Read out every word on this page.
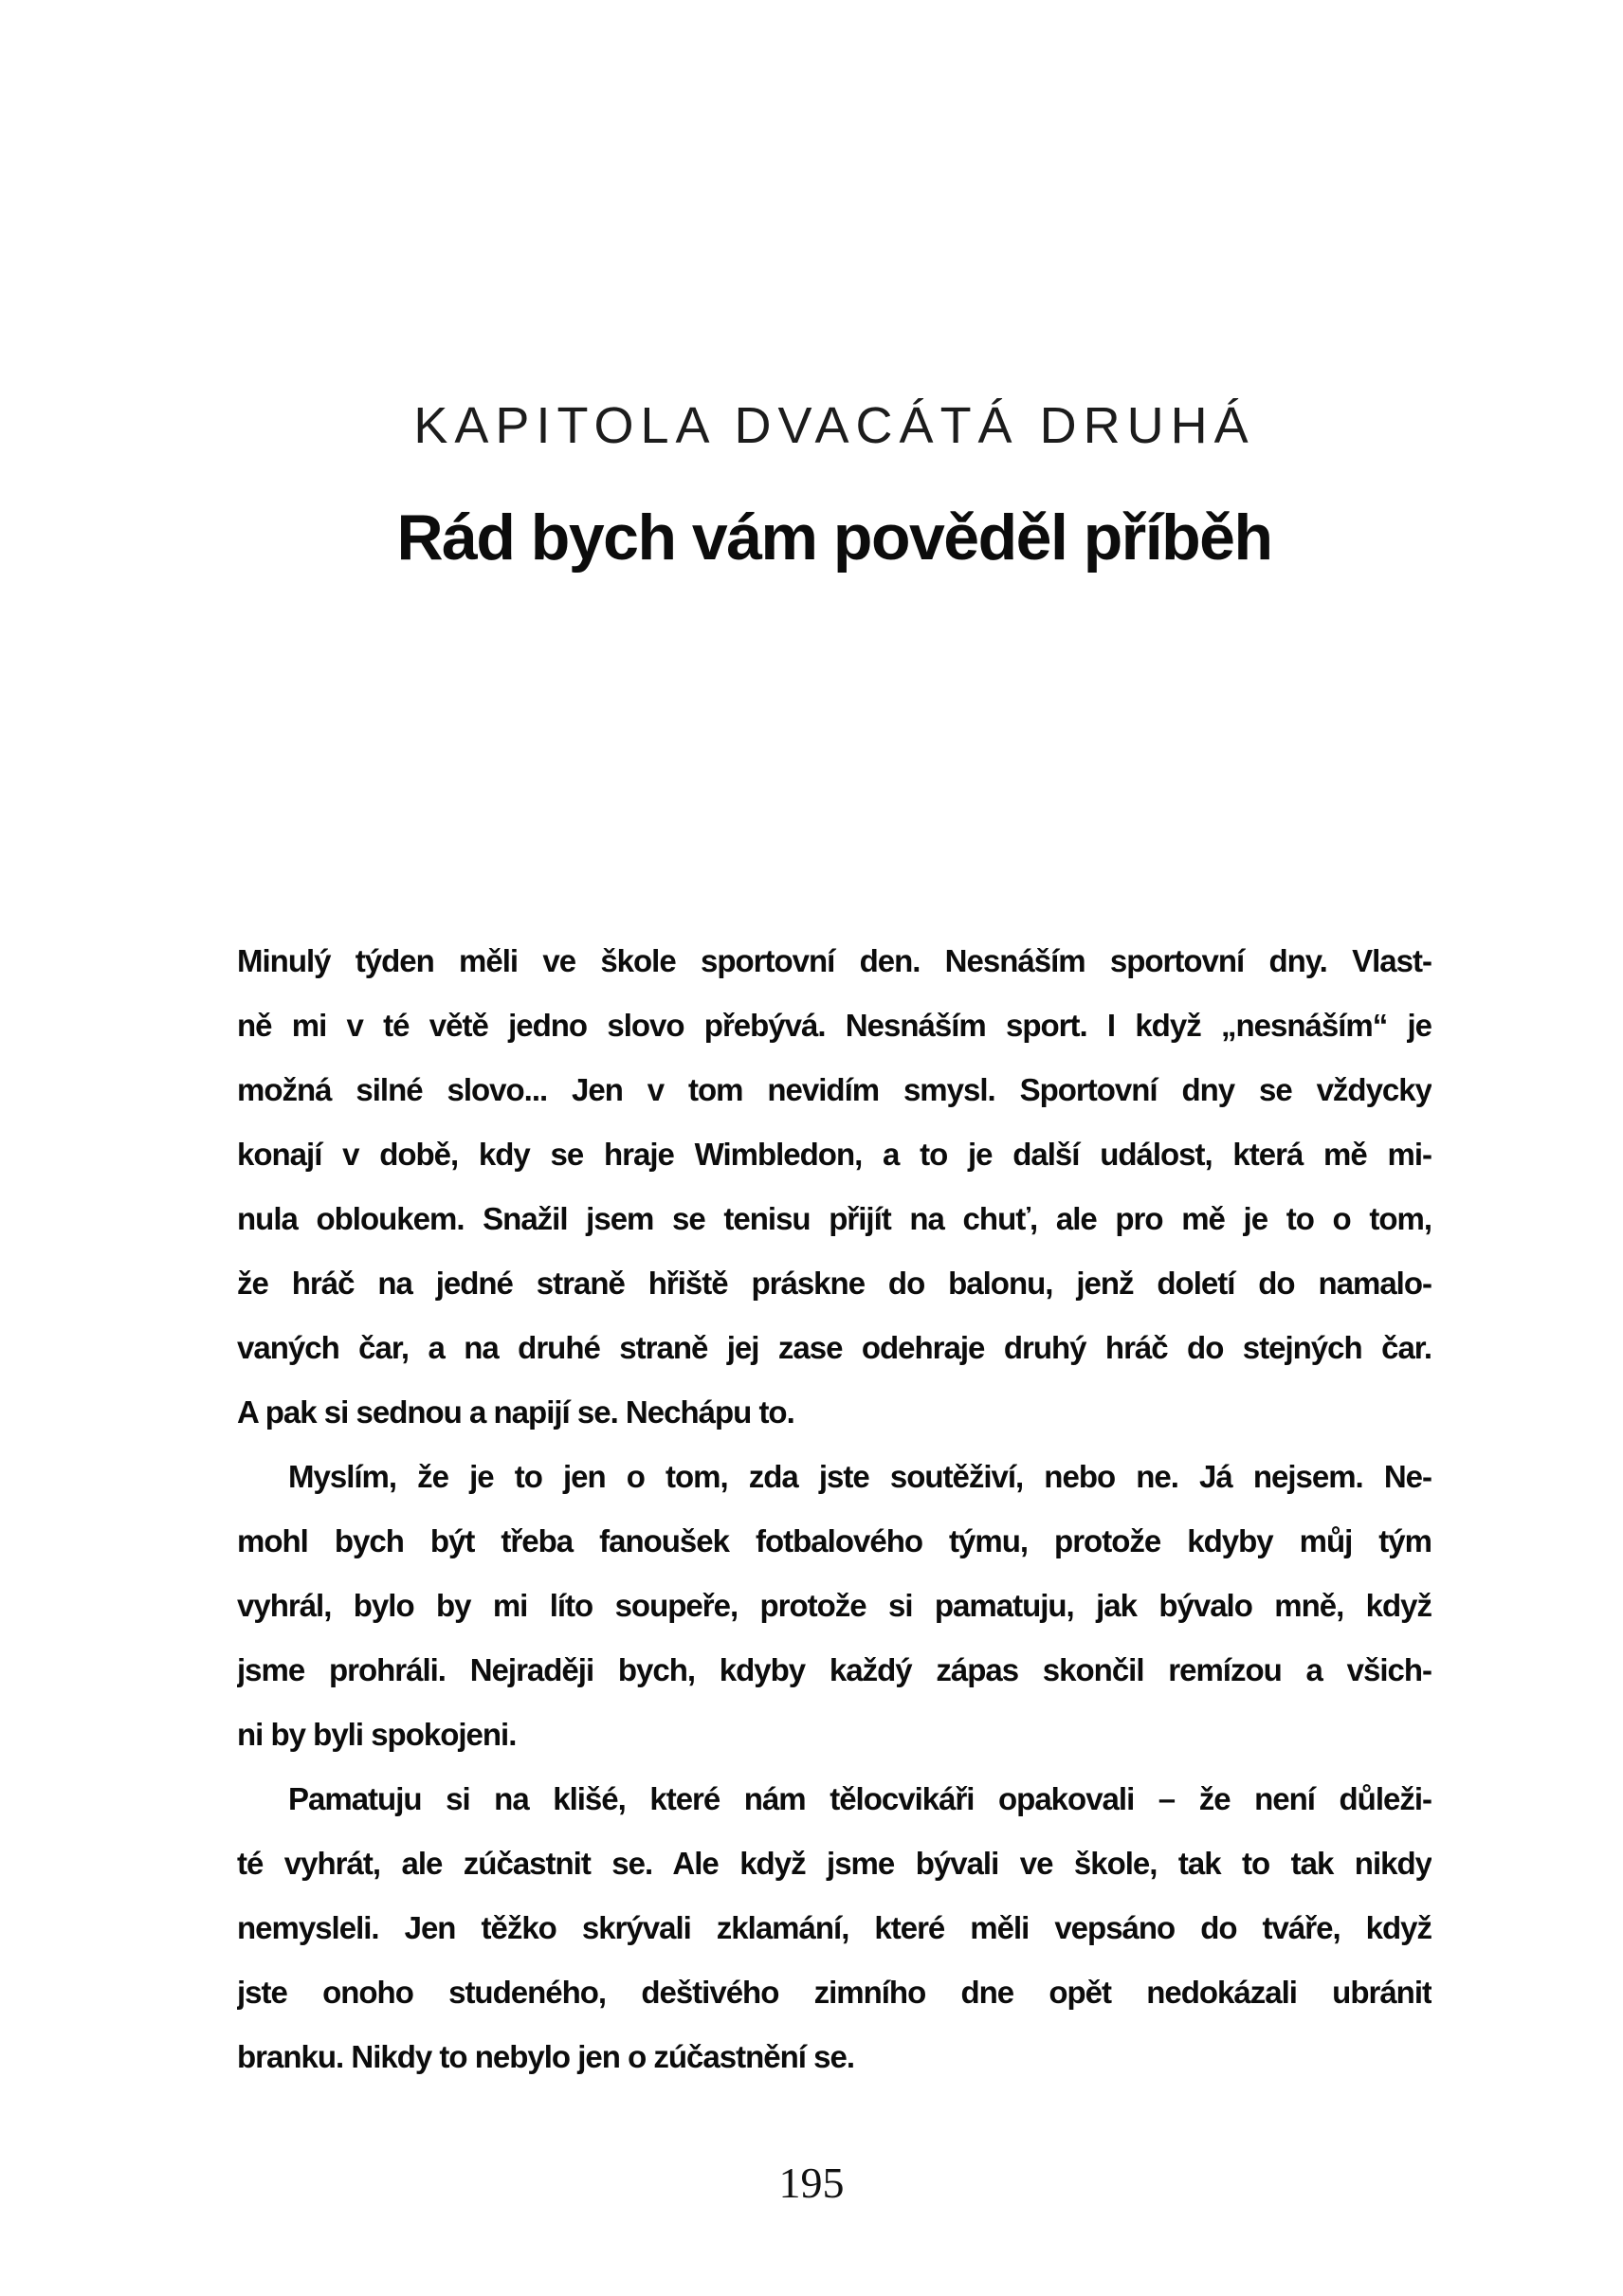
KAPITOLA DVACÁTÁ DRUHÁ
Rád bych vám pověděl příběh
Minulý týden měli ve škole sportovní den. Nesnáším sportovní dny. Vlast-
ně mi v té větě jedno slovo přebývá. Nesnáším sport. I když „nesnáším“ je
možná silné slovo... Jen v tom nevidím smysl. Sportovní dny se vždycky
konají v době, kdy se hraje Wimbledon, a to je další událost, která mě mi-
nula obloukem. Snažil jsem se tenisu přijít na chuť, ale pro mě je to o tom,
že hráč na jedné straně hřiště práskne do balonu, jenž doletí do namalo-
vaných čar, a na druhé straně jej zase odehraje druhý hráč do stejných čar.
A pak si sednou a napijí se. Nechápu to.
Myslím, že je to jen o tom, zda jste soutěživí, nebo ne. Já nejsem. Ne-
mohl bych být třeba fanoušek fotbalového týmu, protože kdyby můj tým
vyhrál, bylo by mi líto soupeře, protože si pamatuju, jak bývalo mně, když
jsme prohráli. Nejraději bych, kdyby každý zápas skončil remízou a všich-
ni by byli spokojeni.
Pamatuju si na klišé, které nám tělocvikáři opakovali – že není důleži-
té vyhrát, ale zúčastnit se. Ale když jsme bývali ve škole, tak to tak nikdy
nemysleli. Jen těžko skrývali zklamání, které měli vepsáno do tváře, když
jste onoho studeného, deštivého zimního dne opět nedokázali ubránit
branku. Nikdy to nebylo jen o zúčastnění se.
195
